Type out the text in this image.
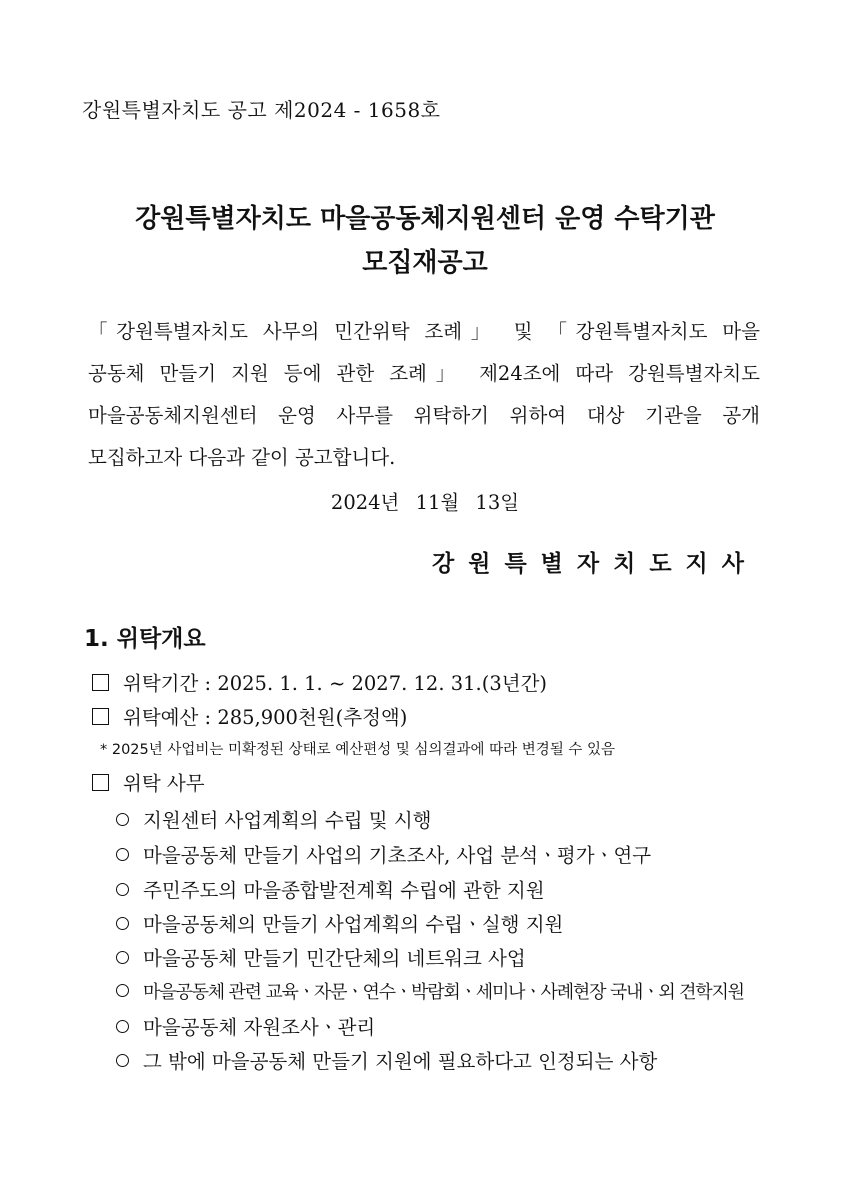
강원특별자치도 공고 제2024 - 1658호
강원특별자치도 마을공동체지원센터 운영 수탁기관
모집재공고
「강원특별자치도 사무의 민간위탁 조례」 및 「강원특별자치도 마을
공동체 만들기 지원 등에 관한 조례」 제24조에 따라 강원특별자치도
마을공동체지원센터 운영 사무를 위탁하기 위하여 대상 기관을 공개
모집하고자 다음과 같이 공고합니다.
2024년 11월 13일
강원특별자치도지사
1. 위탁개요
위탁기간 : 2025. 1. 1. ~ 2027. 12. 31.(3년간)
위탁예산 : 285,900천원(추정액)
* 2025년 사업비는 미확정된 상태로 예산편성 및 심의결과에 따라 변경될 수 있음
위탁 사무
지원센터 사업계획의 수립 및 시행
마을공동체 만들기 사업의 기초조사, 사업 분석ㆍ평가ㆍ연구
주민주도의 마을종합발전계획 수립에 관한 지원
마을공동체의 만들기 사업계획의 수립ㆍ실행 지원
마을공동체 만들기 민간단체의 네트워크 사업
마을공동체 관련 교육ㆍ자문ㆍ연수ㆍ박람회ㆍ세미나ㆍ사례현장 국내ㆍ외 견학지원
마을공동체 자원조사ㆍ관리
그 밖에 마을공동체 만들기 지원에 필요하다고 인정되는 사항
